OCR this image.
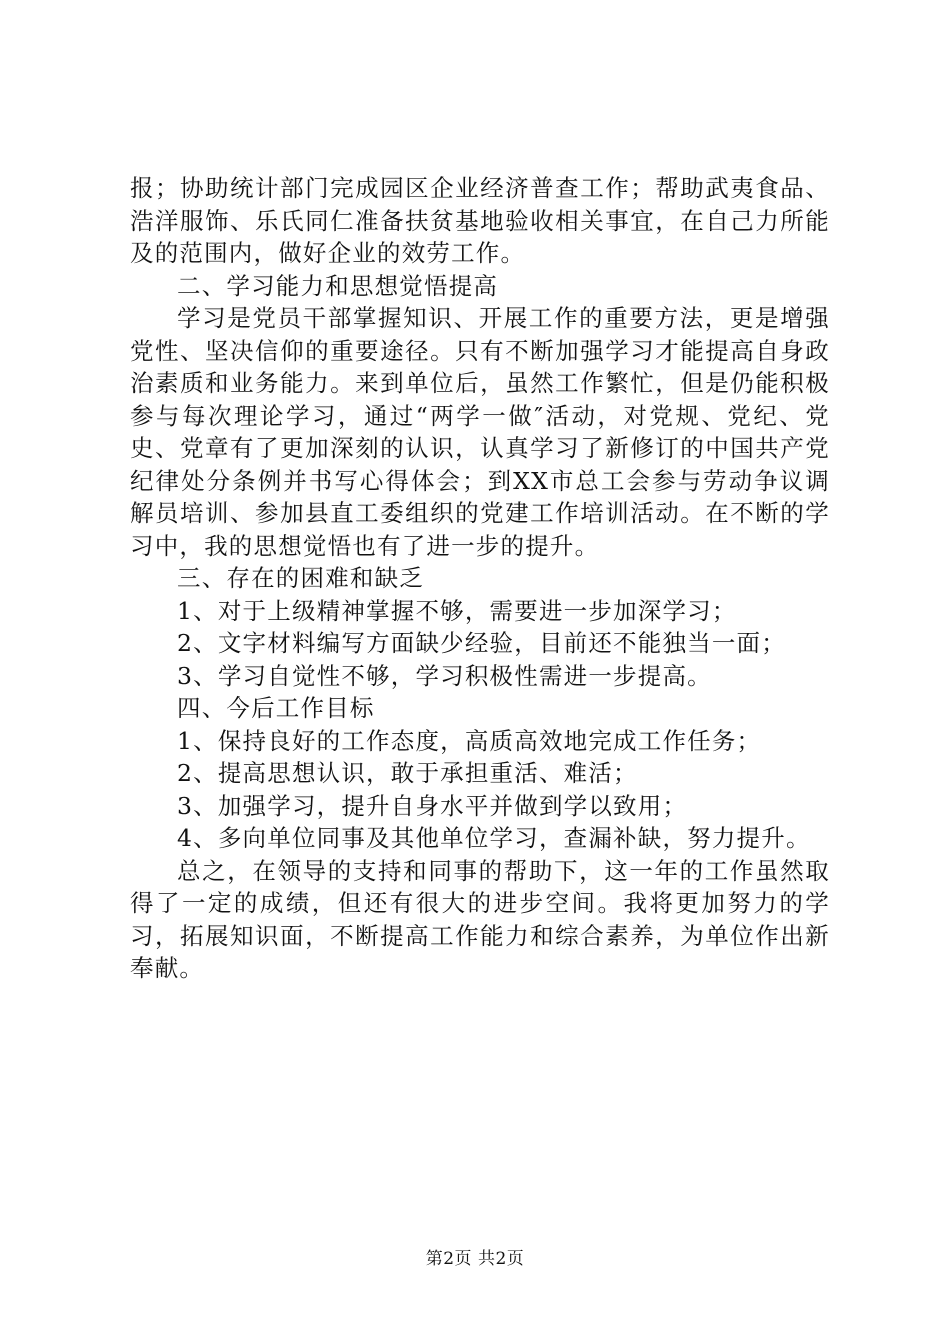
报；协助统计部门完成园区企业经济普查工作；帮助武夷食品、浩洋服饰、乐氏同仁准备扶贫基地验收相关事宜，在自己力所能及的范围内，做好企业的效劳工作。

二、学习能力和思想觉悟提高

学习是党员干部掌握知识、开展工作的重要方法，更是增强党性、坚决信仰的重要途径。只有不断加强学习才能提高自身政治素质和业务能力。来到单位后，虽然工作繁忙，但是仍能积极参与每次理论学习，通过“两学一做″活动，对党规、党纪、党史、党章有了更加深刻的认识，认真学习了新修订的中国共产党纪律处分条例并书写心得体会；到XX市总工会参与劳动争议调解员培训、参加县直工委组织的党建工作培训活动。在不断的学习中，我的思想觉悟也有了进一步的提升。

三、存在的困难和缺乏

1、对于上级精神掌握不够，需要进一步加深学习；

2、文字材料编写方面缺少经验，目前还不能独当一面；

3、学习自觉性不够，学习积极性需进一步提高。

四、今后工作目标

1、保持良好的工作态度，高质高效地完成工作任务；

2、提高思想认识，敢于承担重活、难活；

3、加强学习，提升自身水平并做到学以致用；

4、多向单位同事及其他单位学习，查漏补缺，努力提升。

总之，在领导的支持和同事的帮助下，这一年的工作虽然取得了一定的成绩，但还有很大的进步空间。我将更加努力的学习，拓展知识面，不断提高工作能力和综合素养，为单位作出新奉献。

第2页 共2页
